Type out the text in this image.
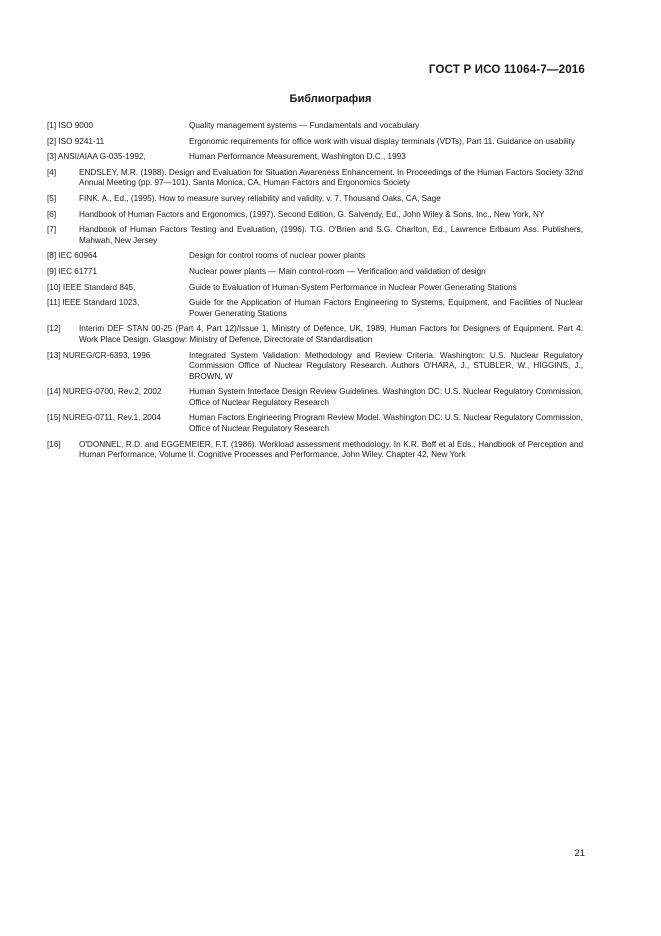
ГОСТ Р ИСО 11064-7—2016
Библиография
[1] ISO 9000	Quality management systems — Fundamentals and vocabulary
[2] ISO 9241-11	Ergonomic requirements for office work with visual display terminals (VDTs), Part 11. Guidance on usability
[3] ANSI/AIAA G-035-1992,	Human Performance Measurement, Washington D.C., 1993
[4]	ENDSLEY, M.R. (1988). Design and Evaluation for Situation Awareness Enhancement. In Proceedings of the Human Factors Society 32nd Annual Meeting (pp. 97—101). Santa Monica, CA, Human Factors and Ergonomics Society
[5]	FINK. A., Ed., (1995). How to measure survey reliability and validity, v. 7. Thousand Oaks, CA, Sage
[6]	Handbook of Human Factors and Ergonomics, (1997). Second Edition, G. Salvendy, Ed., John Wiley & Sons, Inc., New York, NY
[7]	Handbook of Human Factors Testing and Evaluation, (1996). T.G. O'Brien and S.G. Charlton, Ed., Lawrence Erlbaum Ass. Publishers, Mahwah, New Jersey
[8] IEC 60964	Design for control rooms of nuclear power plants
[9] IEC 61771	Nuclear power plants — Main control-room — Verification and validation of design
[10] IEEE Standard 845,	Guide to Evaluation of Human-System Performance in Nuclear Power Generating Stations
[11] IEEE Standard 1023,	Guide for the Application of Human Factors Engineering to Systems, Equipment, and Facilities of Nuclear Power Generating Stations
[12]	Interim DEF STAN 00-25 (Part 4, Part 12)/Issue 1, Ministry of Defence, UK, 1989, Human Factors for Designers of Equipment. Part 4: Work Place Design. Glasgow: Ministry of Defence, Directorate of Standardisation
[13] NUREG/CR-6393, 1996	Integrated System Validation: Methodology and Review Criteria. Washington: U.S. Nuclear Regulatory Commission Office of Nuclear Regulatory Research. Authors O'HARA, J., STUBLER, W., HIGGINS, J., BROWN, W
[14] NUREG-0700, Rev.2, 2002	Human System Interface Design Review Guidelines. Washington DC: U.S. Nuclear Regulatory Commission, Office of Nuclear Regulatory Research
[15] NUREG-0711, Rev.1, 2004	Human Factors Engineering Program Review Model. Washington DC: U.S. Nuclear Regulatory Commission, Office of Nuclear Regulatory Research
[16]	O'DONNEL, R.D. and EGGEMEIER, F.T. (1986). Workload assessment methodology. In K.R. Boff et al Eds., Handbook of Perception and Human Performance, Volume II. Cognitive Processes and Performance. John Wiley. Chapter 42, New York
21
